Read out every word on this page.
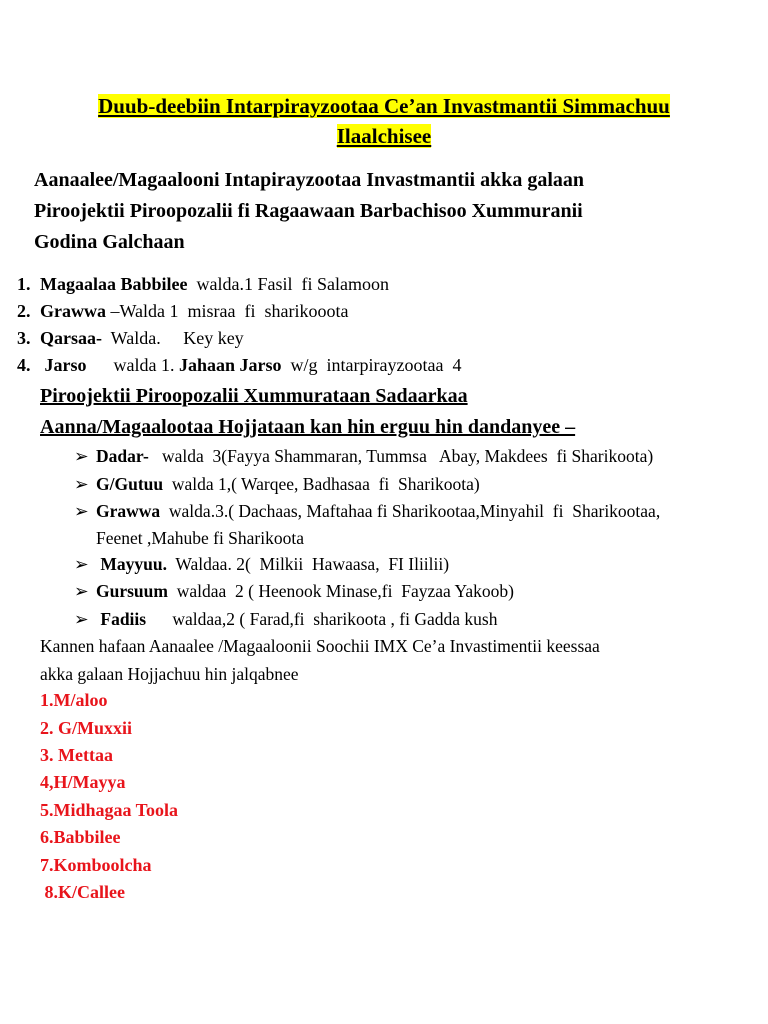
Duub-deebiin Intarpirayzootaa Ce’an Invastmantii Simmachuu
Ilaalchisee
Aanaalee/Magaalooni Intapirayzootaa Invastmantii akka galaan
Piroojektii Piroopozalii fi Ragaawaan Barbachisoo Xummuranii
Godina Galchaan
1. Magaalaa Babbilee  walda.1 Fasil  fi Salamoon
2. Grawwa –Walda 1  misraa  fi  sharikooota
3. Qarsaa-  Walda.     Key key
4. Jarso      walda 1. Jahaan Jarso  w/g  intarpirayzootaa  4
Piroojektii Piroopozalii Xummurataan Sadaarkaa
Aanna/Magaalootaa Hojjataan kan hin erguu hin dandanyee –
➢ Dadar-   walda  3(Fayya Shammaran, Tummsa   Abay, Makdees  fi Sharikoota)
➢ G/Gutuu  walda 1,( Warqee, Badhasaa  fi  Sharikoota)
➢ Grawwa  walda.3.( Dachaas, Maftahaa fi Sharikootaa,Minyahil  fi  Sharikootaa,
Feenet ,Mahube fi Sharikoota
➢ Mayyuu.  Waldaa. 2(  Milkii  Hawaasa,  FI Iliilii)
➢ Gursuum  waldaa  2 ( Heenook Minase,fi  Fayzaa Yakoob)
➢ Fadiis      waldaa,2 ( Farad,fi  sharikoota , fi Gadda kush
Kannen hafaan Aanaalee /Magaaloonii Soochii IMX Ce’a Invastimentii keessaa
akka galaan Hojjachuu hin jalqabnee
1.M/aloo
2. G/Muxxii
3. Mettaa
4,H/Mayya
5.Midhagaa Toola
6.Babbilee
7.Komboolcha
8.K/Callee
